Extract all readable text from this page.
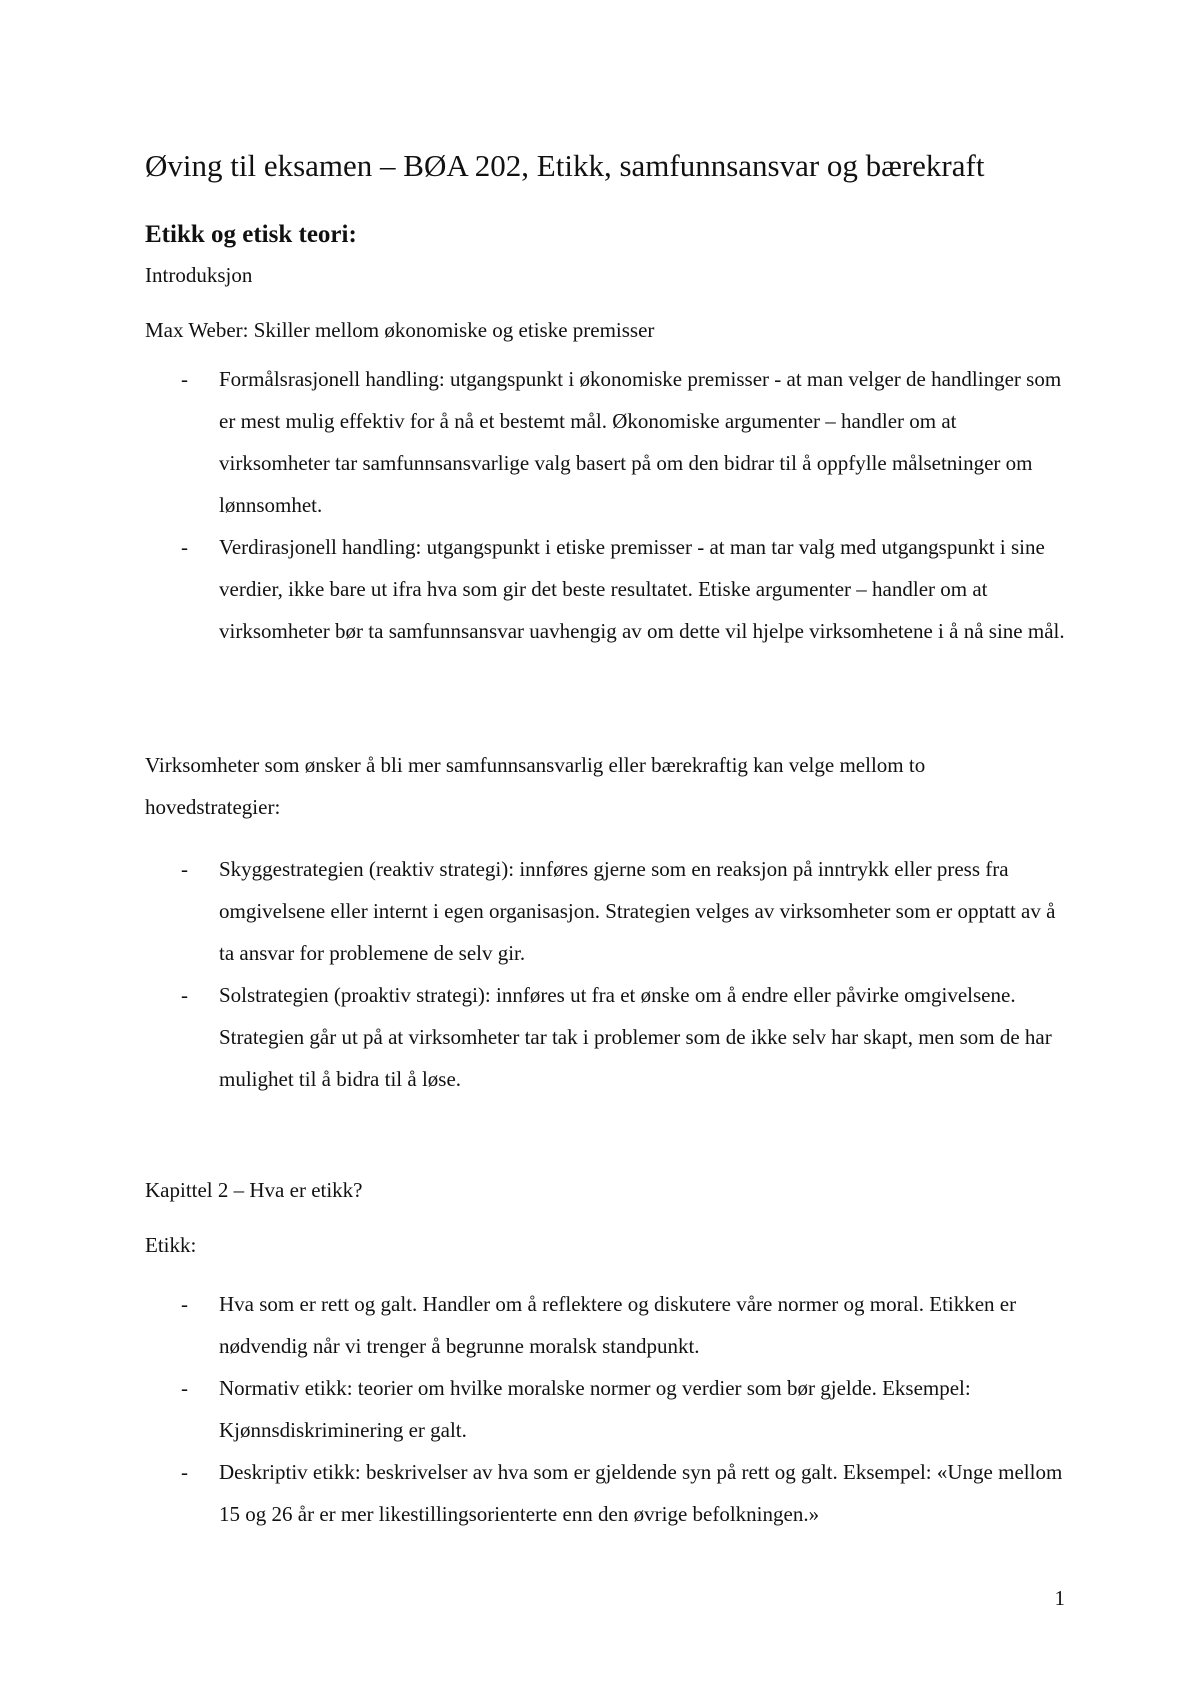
Øving til eksamen – BØA 202, Etikk, samfunnsansvar og bærekraft
Etikk og etisk teori:

Introduksjon

Max Weber: Skiller mellom økonomiske og etiske premisser

- Formålsrasjonell handling: utgangspunkt i økonomiske premisser - at man velger de handlinger som er mest mulig effektiv for å nå et bestemt mål. Økonomiske argumenter – handler om at virksomheter tar samfunnsansvarlige valg basert på om den bidrar til å oppfylle målsetninger om lønnsomhet.
- Verdirasjonell handling: utgangspunkt i etiske premisser - at man tar valg med utgangspunkt i sine verdier, ikke bare ut ifra hva som gir det beste resultatet. Etiske argumenter – handler om at virksomheter bør ta samfunnsansvar uavhengig av om dette vil hjelpe virksomhetene i å nå sine mål.

Virksomheter som ønsker å bli mer samfunnsansvarlig eller bærekraftig kan velge mellom to hovedstrategier:

- Skyggestrategien (reaktiv strategi): innføres gjerne som en reaksjon på inntrykk eller press fra omgivelsene eller internt i egen organisasjon. Strategien velges av virksomheter som er opptatt av å ta ansvar for problemene de selv gir.
- Solstrategien (proaktiv strategi): innføres ut fra et ønske om å endre eller påvirke omgivelsene. Strategien går ut på at virksomheter tar tak i problemer som de ikke selv har skapt, men som de har mulighet til å bidra til å løse.

Kapittel 2 – Hva er etikk?

Etikk:

- Hva som er rett og galt. Handler om å reflektere og diskutere våre normer og moral. Etikken er nødvendig når vi trenger å begrunne moralsk standpunkt.
- Normativ etikk: teorier om hvilke moralske normer og verdier som bør gjelde. Eksempel: Kjønnsdiskriminering er galt.
- Deskriptiv etikk: beskrivelser av hva som er gjeldende syn på rett og galt. Eksempel: «Unge mellom 15 og 26 år er mer likestillingsorienterte enn den øvrige befolkningen.»
1
